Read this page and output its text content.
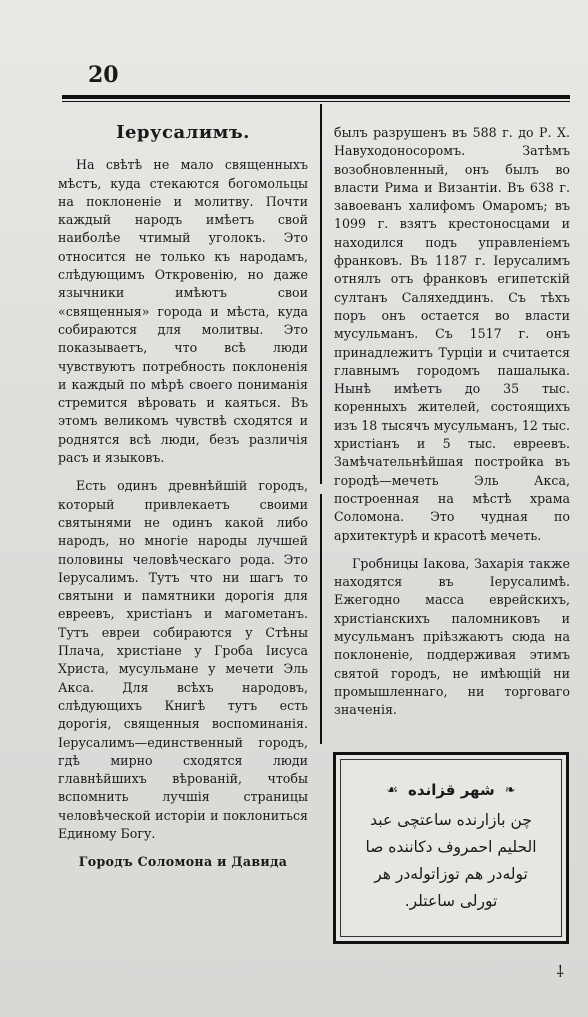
20
Іерусалимъ.

На свѣтѣ не мало священныхъ мѣстъ, куда стекаются богомольцы на поклоненіе и молитву. Почти каждый народъ имѣетъ свой наиболѣе чтимый уголокъ. Это относится не только къ народамъ, слѣдующимъ Откровенію, но даже язычники имѣютъ свои «священныя» города и мѣста, куда собираются для молитвы. Это показываетъ, что всѣ люди чувствуютъ потребность поклоненія и каждый по мѣрѣ своего пониманія стремится вѣровать и каяться. Въ этомъ великомъ чувствѣ сходятся и роднятся всѣ люди, безъ различія расъ и языковъ.

Есть одинъ древнѣйшій городъ, который привлекаетъ своими святынями не одинъ какой либо народъ, но многіе народы лучшей половины человѣческаго рода. Это Іерусалимъ. Тутъ что ни шагъ то святыни и памятники дорогія для евреевъ, христіанъ и магометанъ. Тутъ евреи собираются у Стѣны Плача, христіане у Гроба Іисуса Христа, мусульмане у мечети Эль Акса. Для всѣхъ народовъ, слѣдующихъ Книгѣ тутъ есть дорогія, священныя воспоминанія. Іерусалимъ—единственный городъ, гдѣ мирно сходятся люди главнѣйшихъ вѣрованій, чтобы вспомнить лучшія страницы человѣческой исторіи и поклониться Единому Богу.

Городъ Соломона и Давида

былъ разрушенъ въ 588 г. до Р. Х. Навуходоносоромъ. Затѣмъ возобновленный, онъ былъ во власти Рима и Византіи. Въ 638 г. завоеванъ халифомъ Омаромъ; въ 1099 г. взятъ крестоносцами и находился подъ управленіемъ франковъ. Въ 1187 г. Іерусалимъ отнялъ отъ франковъ египетскій султанъ Саляхеддинъ. Съ тѣхъ поръ онъ остается во власти мусульманъ. Съ 1517 г. онъ принадлежитъ Турціи и считается главнымъ городомъ пашалыка. Нынѣ имѣетъ до 35 тыс. коренныхъ жителей, состоящихъ изъ 18 тысячъ мусульманъ, 12 тыс. христіанъ и 5 тыс. евреевъ. Замѣчательнѣйшая постройка въ городѣ—мечеть Эль Акса, построенная на мѣстѣ храма Соломона. Это чудная по архитектурѣ и красотѣ мечеть.

Гробницы Іакова, Захарія также находятся въ Іерусалимѣ. Ежегодно масса еврейскихъ, христіанскихъ паломниковъ и мусульманъ пріѣзжаютъ сюда на поклоненіе, поддерживая этимъ святой городъ, не имѣющій ни промышленнаго, ни торговаго значенія.

❧
شهر قزانده
☙
چن بازارنده ساعتچی عبد
الحليم احمروف دكاننده صا
توله‌در هم توزاتوله‌در هر
تورلی ساعتلر.
⸸
